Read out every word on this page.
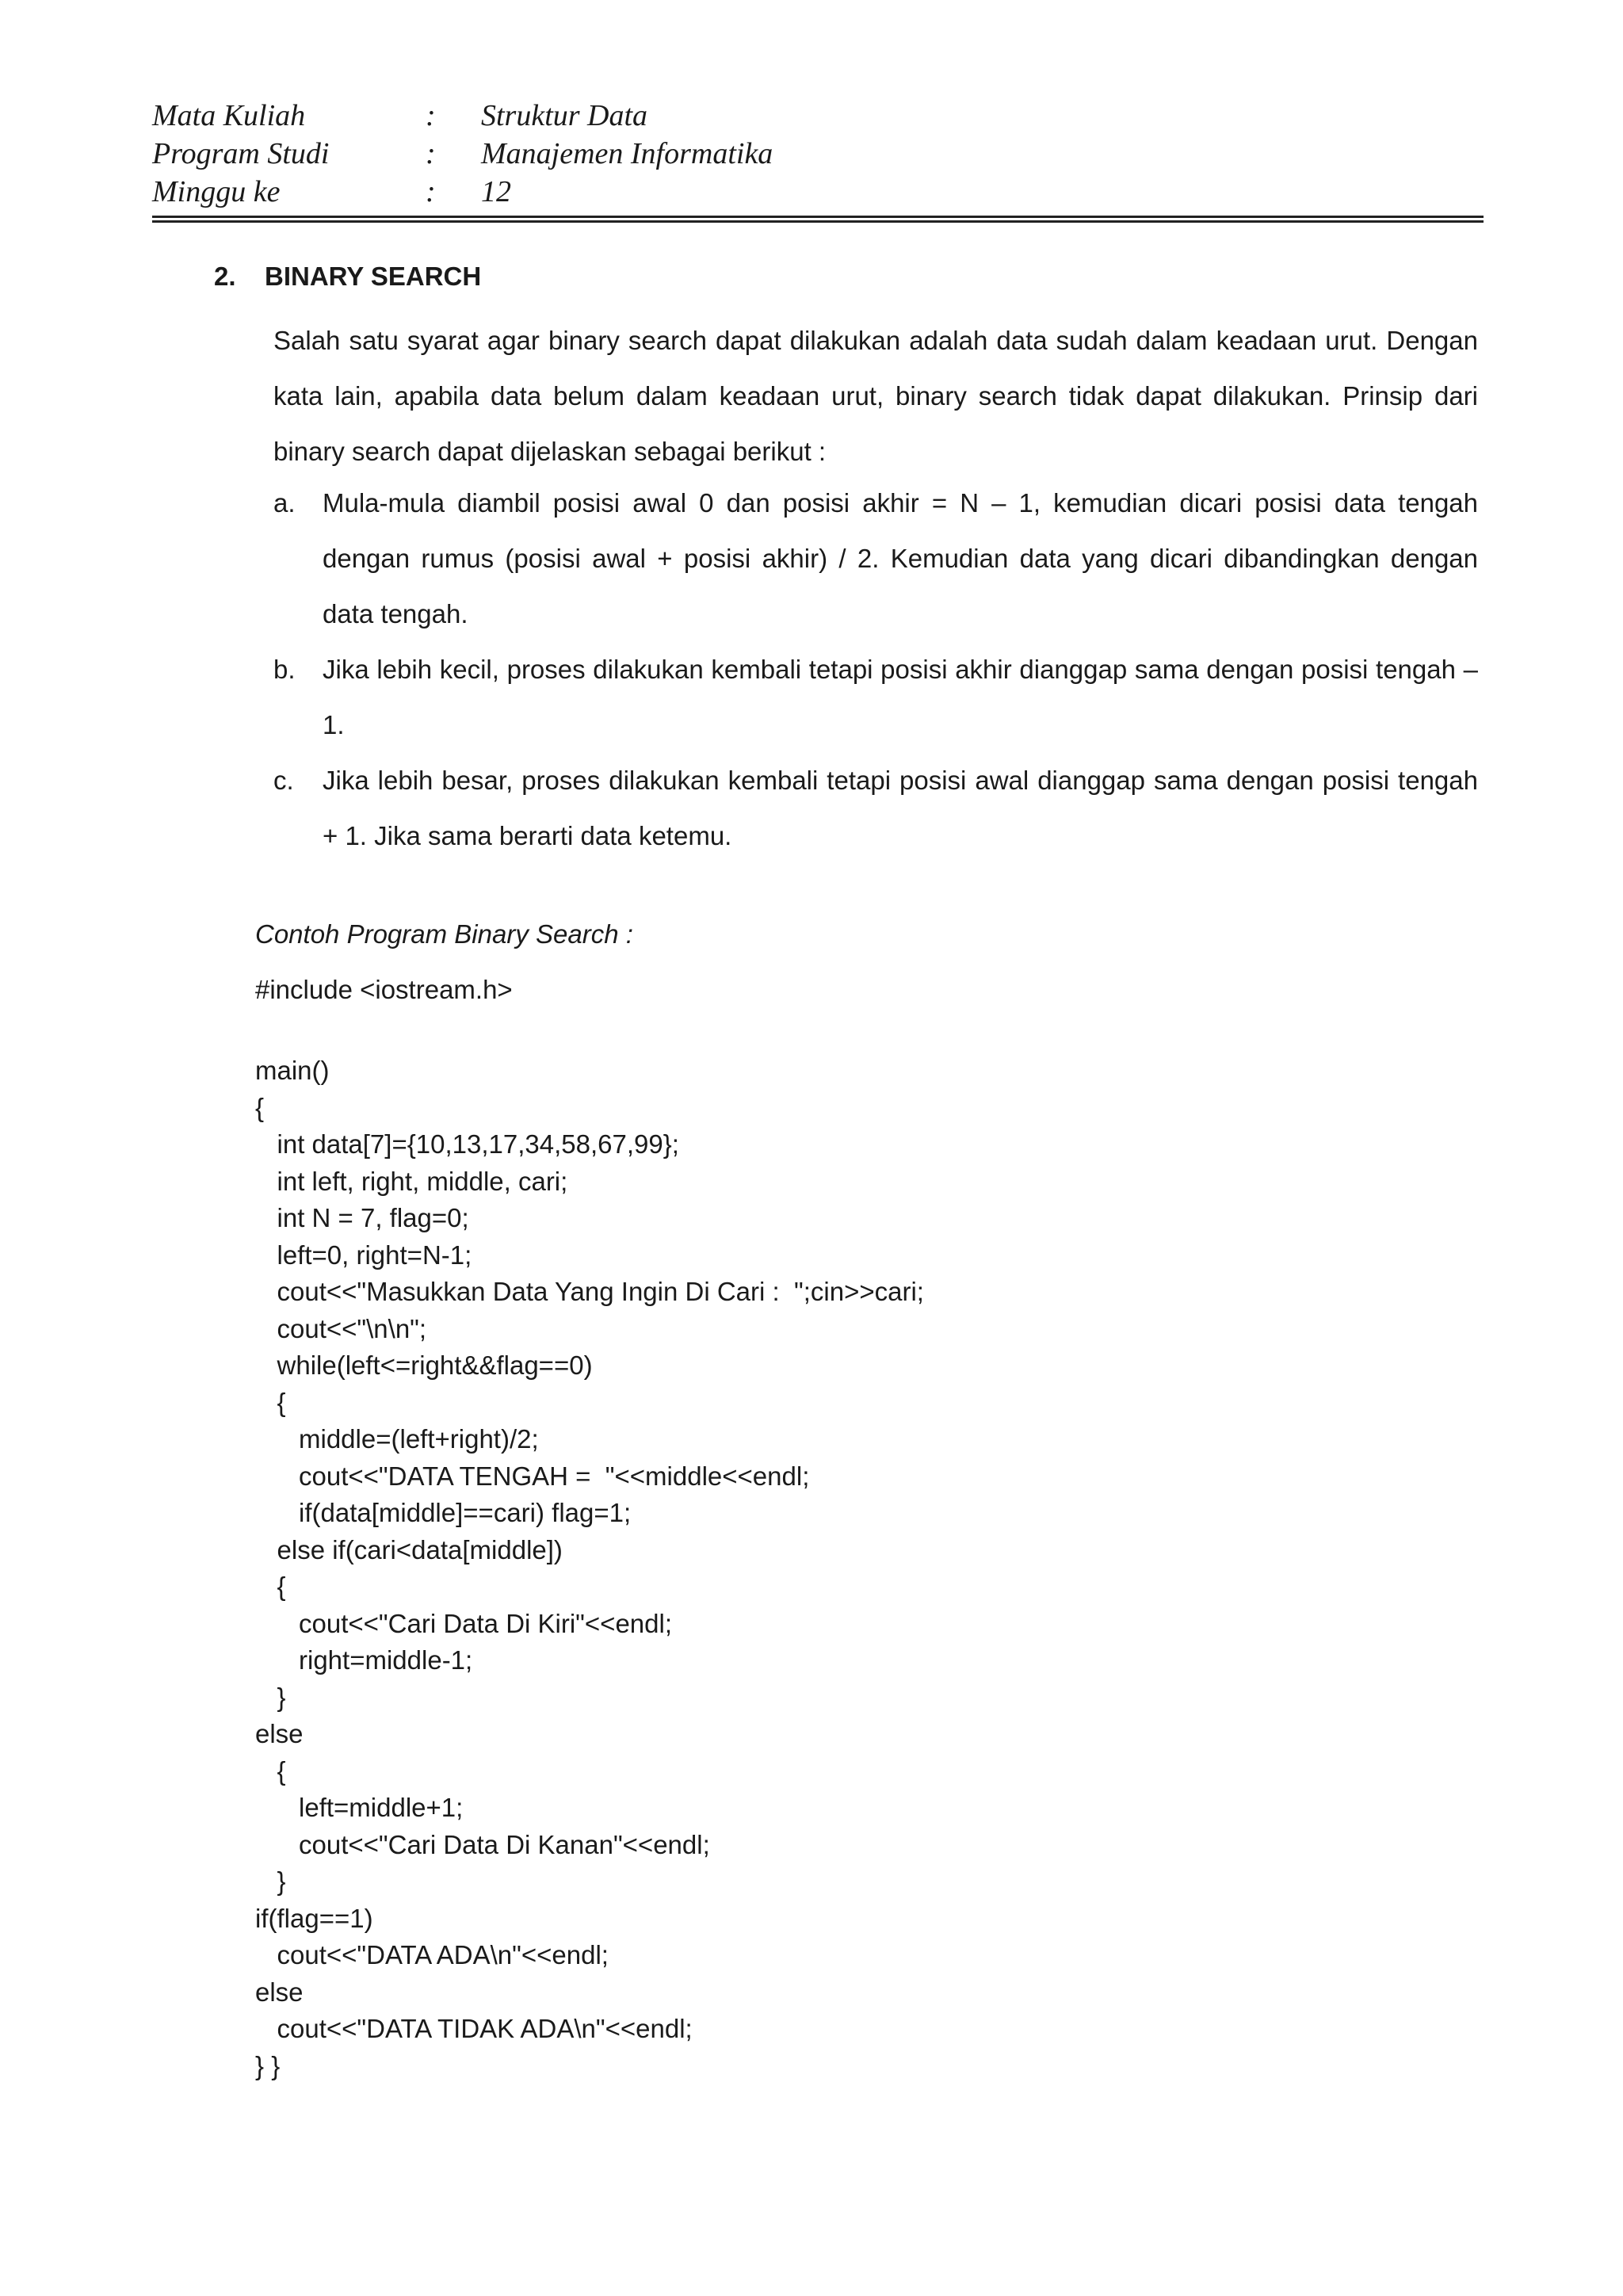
Mata Kuliah	:	Struktur Data
Program Studi	:	Manajemen Informatika
Minggu ke	:	12
2.	BINARY SEARCH
Salah satu syarat agar binary search dapat dilakukan adalah data sudah dalam keadaan urut. Dengan kata lain, apabila data belum dalam keadaan urut, binary search tidak dapat dilakukan. Prinsip dari binary search dapat dijelaskan sebagai berikut :
a.	Mula-mula diambil posisi awal 0 dan posisi akhir = N – 1, kemudian dicari posisi data tengah dengan rumus (posisi awal + posisi akhir) / 2. Kemudian data yang dicari dibandingkan dengan data tengah.
b.	Jika lebih kecil, proses dilakukan kembali tetapi posisi akhir dianggap sama dengan posisi tengah – 1.
c.	Jika lebih besar, proses dilakukan kembali tetapi posisi awal dianggap sama dengan posisi tengah + 1. Jika sama berarti data ketemu.
Contoh Program Binary Search :
#include <iostream.h>
main()
{
int data[7]={10,13,17,34,58,67,99};
int left, right, middle, cari;
int N = 7, flag=0;
left=0, right=N-1;
cout<<"Masukkan Data Yang Ingin Di Cari :  ";cin>>cari;
cout<<"\n\n";
while(left<=right&&flag==0)
{
middle=(left+right)/2;
cout<<"DATA TENGAH =  "<<middle<<endl;
if(data[middle]==cari) flag=1;
else if(cari<data[middle])
{
cout<<"Cari Data Di Kiri"<<endl;
right=middle-1;
}
else
{
left=middle+1;
cout<<"Cari Data Di Kanan"<<endl;
}
if(flag==1)
cout<<"DATA ADA\n"<<endl;
else
cout<<"DATA TIDAK ADA\n"<<endl;
} }
